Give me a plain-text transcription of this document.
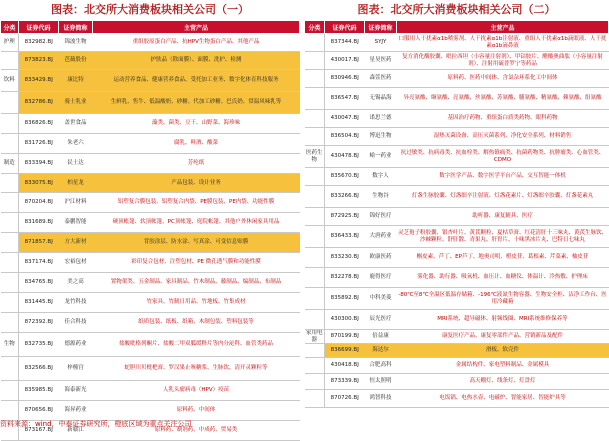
图表：北交所大消费板块相关公司（一）
分类	证券代码	证券简称	主营产品
护理	832982.BJ	锦波生物	重组胶原蛋白产品、抗HPV生物蛋白产品、其他产品
	873823.BJ	芭薇股份	护肤品（除面膜）、面膜、洗护、检测
饮料	833429.BJ	康比特	运动营养食品、健康营养食品、受托加工业务、数字化体育科技服务
	832786.BJ	骑士乳业	生鲜乳、售牛、低温酸奶、砂糖、代加工砂糖、巴氏奶、常温风味乳等
	836826.BJ	盖世食品	藻类、菌类、豆干、山野菜、海珍味
	831726.BJ	朱老六	腐乳、料酒、酸菜
制造	833394.BJ	民士达	芳纶纸
	833075.BJ	柏星龙	产品包装、设计业务
	870204.BJ	沪江材料	铝塑复合膜包装、铝塑复合内袋、PE膜包装、PE内袋、功能性膜
	831689.BJ	泰鹏智能	硬顶帐篷、软顶帐篷、PC顶帐篷、庭院帐篷、其他户外休闲家具用品
	871857.BJ	方大新材	背胶涂层、防水涂、写真涂、可变信息贴膜
	837174.BJ	宏裕包材	彩印复合包材、注塑包材、PE 微孔透气膜和功能性膜
	834765.BJ	美之高	置物架类、五金制品、家具制品、竹木制品、藤制品、编制品、布制品
	831445.BJ	龙竹科技	竹家具、竹制日用品、竹地板、竹集成材
	872392.BJ	佳合科技	纸质包装、纸板、纸箱、木制包装、塑料包装等
生物	832735.BJ	德源药业	盐酸吡格列酮片、盐酸二甲双胍缓释片等内分泌科、血管类药品
	832566.BJ	梓橦宫	蛇胆川贝枇杷膏、罗汉果止咳糖浆、生脉饮、清开灵颗粒等
	835985.BJ	海泰新光	人乳头瘤病毒（HPV）疫苗
	870656.BJ	海昇药业	原料药、中间体
	873167.BJ	新赣江	原料药、制剂药、中成药、贸易类
图表：北交所大消费板块相关公司（二）
分类	证券代码	证券简称	主营产品
	837344.BJ	SYJY	口服用人干扰素α1b喷雾剂、人干扰素α1b注射液、重组人干扰素α1b滴眼液、人干扰素α1b滴鼻液
	430017.BJ	星昊医药	复方消化酶胶囊、吡拉西坦（小容量注射剂）、甲钴胺片、醋酸奥曲肽（小容量注射剂）、注射用硫普罗宁等药品
	830946.BJ	森萱医药	原料药、医药中间体、含氯杂环系化工中间体
	836547.BJ	无锡晶海	异亮氨酸、缬氨酸、亮氨酸、丝氨酸、苏氨酸、脯氨酸、精氨酸、赖氨酸、组氨酸
	430047.BJ	诺思兰德	基因治疗药物、重组蛋白质类药物、眼科药物
	836504.BJ	博迅生物	湿热灭菌设备、高压灭菌系列、净化安全系列、材料销售
医药生物	430478.BJ	峆一药业	抗过敏类、抗病毒类、抗血栓类、解热镇痛类、抗菌药物类、抗肿瘤类、心血管类、CDMO
	835670.BJ	数字人	数字医学产品、数字医学平台产品、交互智能一体机
	833266.BJ	生物谷	灯盏生脉胶囊、灯盏细辛注射液、灯盏花素片、灯盏细辛胶囊、灯盏花素丸
	872925.BJ	锦好医疗	助听器、康复辅具、医疗
	836433.BJ	大唐药业	灵芝孢子粉胶囊、银杏叶片、黄芪颗粒、夏枯草膏、红花清肝十三味丸、黄芪生脉饮、沙棘颗粒、舒肝散、青果丸、肝胃片、十味黑冰片丸、巴特日七味丸
	833230.BJ	欧康医药	槲皮素、芦丁、EP芦丁、地奥司明、橙皮苷、葛根素、芹菜素、柚皮苷
	832278.BJ	鹿得医疗	雾化器、助行器、吸氧机、血压计、血糖仪、体温计、冷热敷、护理床
	835892.BJ	中科美菱	-80℃至8℃全温区低温存储箱、-196℃液氮生物容器、生物安全柜、洁净工作台、医用冷藏箱
	430300.BJ	辰光医疗	MRI系统、超导磁体、射频线圈、MRI系统维修保养等
家用电器	870199.BJ	倍益康	康复医疗产品、康复零部件产品、营销新品及配件
	836699.BJ	海达尔	滑板、软壳件
	430418.BJ	合肥高科	金属结构件、家电塑料制品、金属模具
	873339.BJ	恒太照明	高天棚灯、线条灯、灯盘灯
	870726.BJ	鸿智科技	电饭锅、电热水壶、电磁炉、智能家居、智能炉具等
资料来源：wind，中泰证券研究所，橙底区域为重点关注公司
